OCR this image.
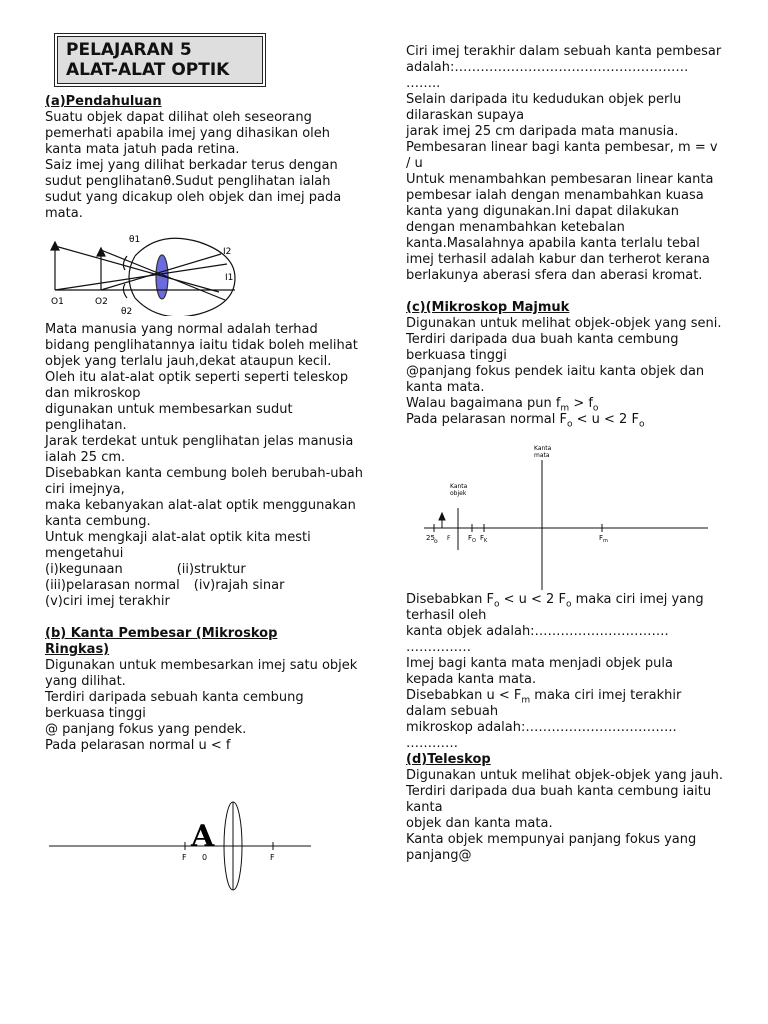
PELAJARAN 5
ALAT-ALAT OPTIK

(a)Pendahuluan

Suatu objek dapat dilihat oleh seseorang pemerhati apabila imej yang dihasikan oleh kanta mata jatuh pada retina.

Saiz imej yang dilihat berkadar terus dengan sudut penglihatanθ.Sudut penglihatan ialah sudut yang dicakup oleh objek dan imej pada mata.

θ1
θ2
O1	O2
I2
I1

Mata manusia yang normal adalah terhad bidang penglihatannya iaitu tidak boleh melihat objek yang terlalu jauh,dekat ataupun kecil.

Oleh itu alat-alat optik seperti seperti teleskop dan mikroskop

digunakan untuk membesarkan sudut penglihatan.

Jarak terdekat untuk penglihatan jelas manusia ialah 25 cm.

Disebabkan kanta cembung boleh berubah-ubah ciri imejnya,

maka kebanyakan alat-alat optik menggunakan kanta cembung.

Untuk mengkaji alat-alat optik kita mesti mengetahui

(i)kegunaan	(ii)struktur

(iii)pelarasan normal (iv)rajah sinar

(v)ciri imej terakhir

(b) Kanta Pembesar (Mikroskop

Ringkas)

Digunakan untuk membesarkan imej satu objek yang dilihat.

Terdiri daripada sebuah kanta cembung berkuasa tinggi

@ panjang fokus yang pendek.

Pada pelarasan normal u < f

A
F 0	F

Ciri imej terakhir dalam sebuah kanta pembesar

adalah:………………………………………………

……..

Selain daripada itu kedudukan objek perlu dilaraskan supaya

jarak imej 25 cm daripada mata manusia.

Pembesaran linear bagi kanta pembesar, m = v / u

Untuk menambahkan pembesaran linear kanta pembesar ialah dengan menambahkan kuasa kanta yang digunakan.Ini dapat dilakukan dengan menambahkan ketebalan kanta.Masalahnya apabila kanta terlalu tebal imej terhasil adalah kabur dan terherot kerana berlakunya aberasi sfera dan aberasi kromat.

(c)(Mikroskop Majmuk

Digunakan untuk melihat objek-objek yang seni.

Terdiri daripada dua buah kanta cembung berkuasa tinggi

@panjang fokus pendek iaitu kanta objek dan kanta mata.

Walau bagaimana pun $f_m > f_o$

Pada pelarasan normal $F_o < u < 2$ $F_o$

Kanta
mata
Kanta
objek
25 o F	$F_O$ $F_K$	$F_m$

Disebabkan $F_o < u < 2$ $F_o$ maka ciri imej yang terhasil oleh

kanta objek adalah:………………………….

……………

Imej bagi kanta mata menjadi objek pula kepada kanta mata.

Disebabkan $u < F_m$ maka ciri imej terakhir dalam sebuah

mikroskop adalah:……………………………..

…………

(d)Teleskop

Digunakan untuk melihat objek-objek yang jauh.

Terdiri daripada dua buah kanta cembung iaitu kanta

objek dan kanta mata.

Kanta objek mempunyai panjang fokus yang panjang@
